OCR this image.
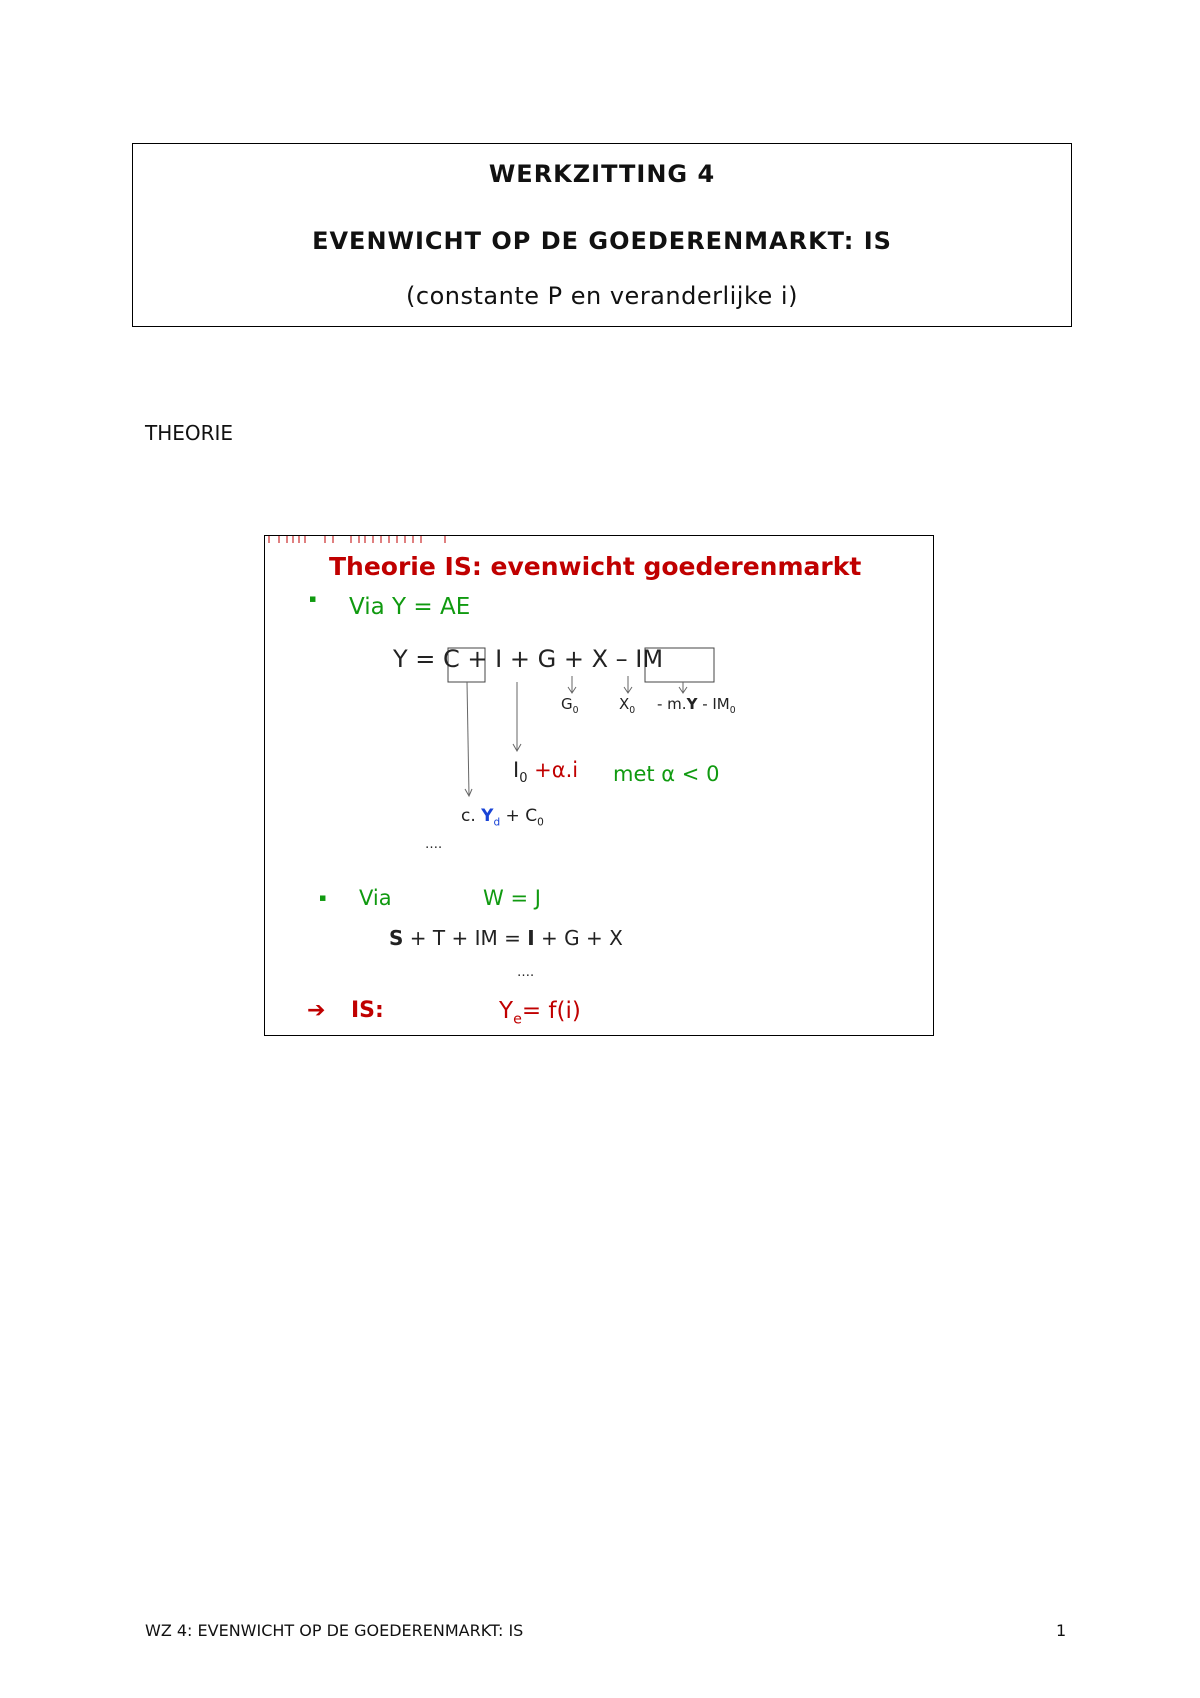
WERKZITTING 4
EVENWICHT OP DE GOEDERENMARKT: IS
(constante P en veranderlijke i)
THEORIE
Theorie IS: evenwicht goederenmarkt
▪ Via Y = AE
Y = C + I + G + X – IM
$G_0$	$X_0 - m.Y - IM_0$
$I_0 +\alpha.i$ met α < 0
c. $Y_d + C_0$
….
▪ Via	W = J
S + T + IM = I + G + X
….
➔ IS:	$Y_e= f(i)$
WZ 4: EVENWICHT OP DE GOEDERENMARKT: IS	1
